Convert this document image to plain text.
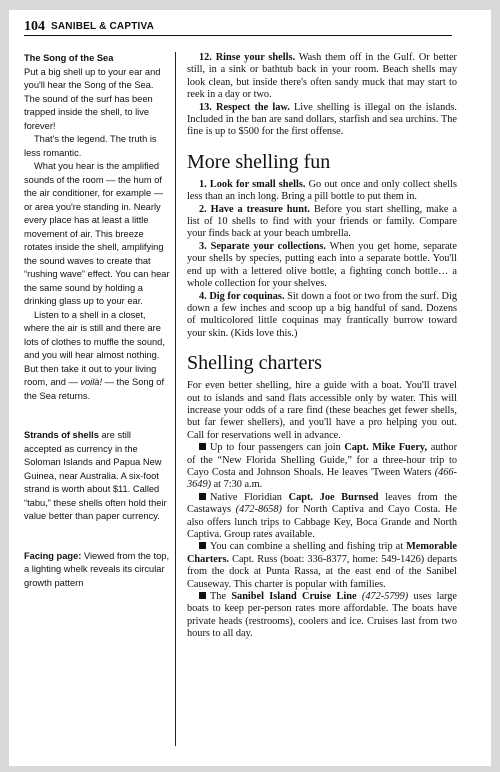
104 SANIBEL & CAPTIVA

The Song of the Sea

Put a big shell up to your ear and you'll hear the Song of the Sea. The sound of the surf has been trapped inside the shell, to live forever!

That's the legend. The truth is less romantic.

What you hear is the amplified sounds of the room — the hum of the air conditioner, for example — or area you're standing in. Nearly every place has at least a little movement of air. This breeze rotates inside the shell, amplifying the sound waves to create that “rushing wave” effect. You can hear the same sound by holding a drinking glass up to your ear.

Listen to a shell in a closet, where the air is still and there are lots of clothes to muffle the sound, and you will hear almost nothing. But then take it out to your living room, and — voilà! — the Song of the Sea returns.

Strands of shells are still accepted as currency in the Soloman Islands and Papua New Guinea, near Australia. A six-foot strand is worth about $11. Called “tabu,” these shells often hold their value better than paper currency.

Facing page: Viewed from the top, a lighting whelk reveals its circular growth pattern

12. Rinse your shells. Wash them off in the Gulf. Or better still, in a sink or bathtub back in your room. Beach shells may look clean, but inside there's often sandy muck that may start to reek in a day or two.

13. Respect the law. Live shelling is illegal on the islands. Included in the ban are sand dollars, starfish and sea urchins. The fine is up to $500 for the first offense.

More shelling fun

1. Look for small shells. Go out once and only collect shells less than an inch long. Bring a pill bottle to put them in.

2. Have a treasure hunt. Before you start shelling, make a list of 10 shells to find with your friends or family. Compare your finds back at your beach umbrella.

3. Separate your collections. When you get home, separate your shells by species, putting each into a separate bottle. You'll end up with a lettered olive bottle, a fighting conch bottle… a whole collection for your shelves.

4. Dig for coquinas. Sit down a foot or two from the surf. Dig down a few inches and scoop up a big handful of sand. Dozens of multicolored little coquinas may frantically burrow toward your skin. (Kids love this.)

Shelling charters

For even better shelling, hire a guide with a boat. You'll travel out to islands and sand flats accessible only by water. This will increase your odds of a rare find (these beaches get fewer shells, but far fewer shellers), and you'll have a pro helping you out. Call for reservations well in advance.

Up to four passengers can join Capt. Mike Fuery, author of the “New Florida Shelling Guide,” for a three-hour trip to Cayo Costa and Johnson Shoals. He leaves 'Tween Waters (466-3649) at 7:30 a.m.

Native Floridian Capt. Joe Burnsed leaves from the Castaways (472-8658) for North Captiva and Cayo Costa. He also offers lunch trips to Cabbage Key, Boca Grande and North Captiva. Group rates available.

You can combine a shelling and fishing trip at Memorable Charters. Capt. Russ (boat: 336-8377, home: 549-1426) departs from the dock at Punta Rassa, at the east end of the Sanibel Causeway. This charter is popular with families.

The Sanibel Island Cruise Line (472-5799) uses large boats to keep per-person rates more affordable. The boats have private heads (restrooms), coolers and ice. Cruises last from two hours to all day.
